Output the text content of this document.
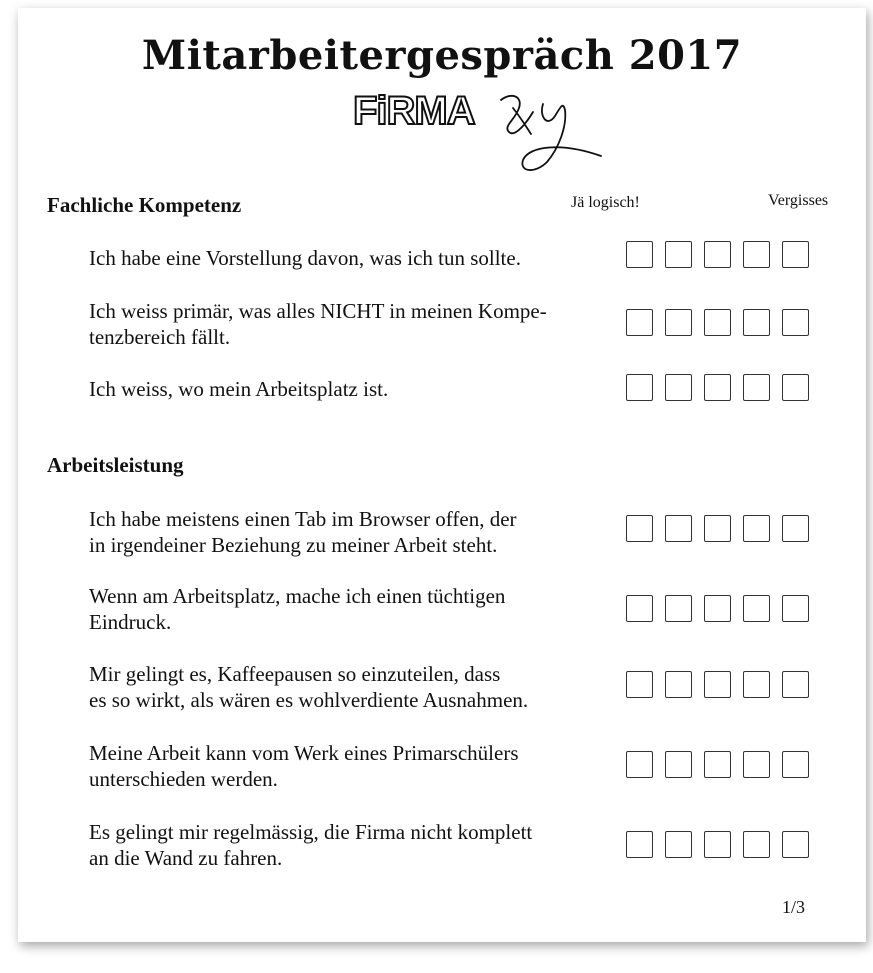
Mitarbeitergespräch 2017
FiRMA
Fachliche Kompetenz	Jä logisch!	Vergisses
Ich habe eine Vorstellung davon, was ich tun sollte.
Ich weiss primär, was alles NICHT in meinen Kompe-
tenzbereich fällt.
Ich weiss, wo mein Arbeitsplatz ist.
Arbeitsleistung
Ich habe meistens einen Tab im Browser offen, der
in irgendeiner Beziehung zu meiner Arbeit steht.
Wenn am Arbeitsplatz, mache ich einen tüchtigen
Eindruck.
Mir gelingt es, Kaffeepausen so einzuteilen, dass
es so wirkt, als wären es wohlverdiente Ausnahmen.
Meine Arbeit kann vom Werk eines Primarschülers
unterschieden werden.
Es gelingt mir regelmässig, die Firma nicht komplett
an die Wand zu fahren.
1/3
